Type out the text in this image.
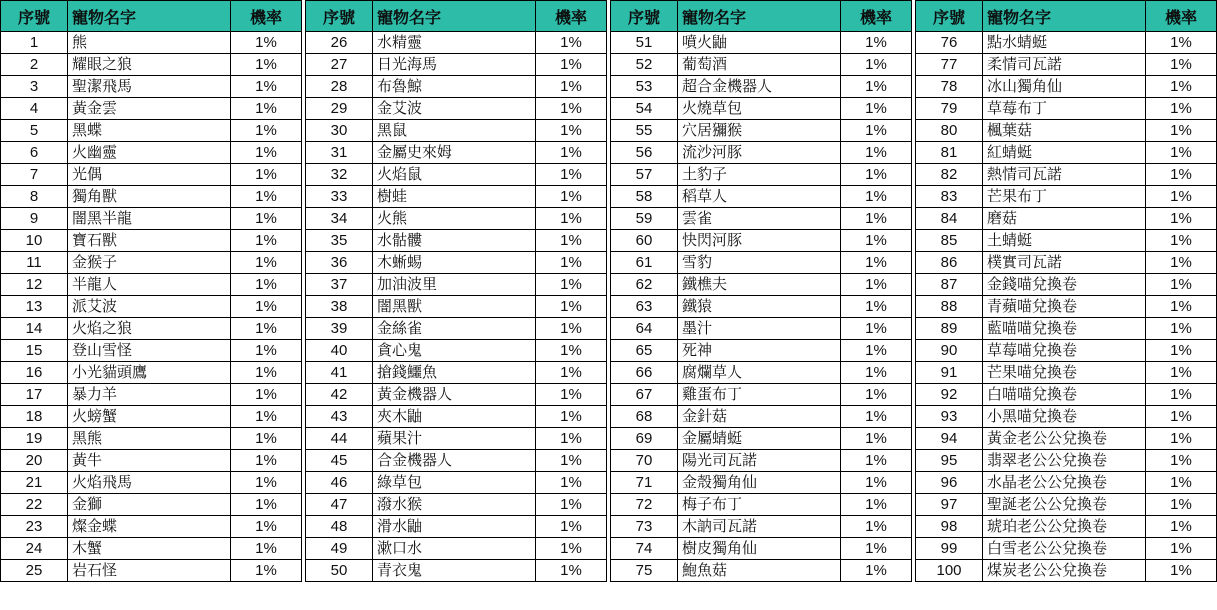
序號	寵物名字	機率
1	熊	1%
2	耀眼之狼	1%
3	聖潔飛馬	1%
4	黃金雲	1%
5	黑蝶	1%
6	火幽靈	1%
7	光偶	1%
8	獨角獸	1%
9	闇黑半龍	1%
10	寶石獸	1%
11	金猴子	1%
12	半龍人	1%
13	派艾波	1%
14	火焰之狼	1%
15	登山雪怪	1%
16	小光貓頭鷹	1%
17	暴力羊	1%
18	火螃蟹	1%
19	黑熊	1%
20	黃牛	1%
21	火焰飛馬	1%
22	金獅	1%
23	燦金蝶	1%
24	木蟹	1%
25	岩石怪	1%
序號	寵物名字	機率
26	水精靈	1%
27	日光海馬	1%
28	布魯鯨	1%
29	金艾波	1%
30	黑鼠	1%
31	金屬史來姆	1%
32	火焰鼠	1%
33	樹蛙	1%
34	火熊	1%
35	水骷髏	1%
36	木蜥蜴	1%
37	加油波里	1%
38	闇黑獸	1%
39	金絲雀	1%
40	貪心鬼	1%
41	搶錢鱷魚	1%
42	黃金機器人	1%
43	夾木鼬	1%
44	蘋果汁	1%
45	合金機器人	1%
46	綠草包	1%
47	潑水猴	1%
48	滑水鼬	1%
49	漱口水	1%
50	青衣鬼	1%
序號	寵物名字	機率
51	噴火鼬	1%
52	葡萄酒	1%
53	超合金機器人	1%
54	火燒草包	1%
55	穴居獼猴	1%
56	流沙河豚	1%
57	土豹子	1%
58	稻草人	1%
59	雲雀	1%
60	快閃河豚	1%
61	雪豹	1%
62	鐵樵夫	1%
63	鐵猿	1%
64	墨汁	1%
65	死神	1%
66	腐爛草人	1%
67	雞蛋布丁	1%
68	金針菇	1%
69	金屬蜻蜓	1%
70	陽光司瓦諾	1%
71	金殼獨角仙	1%
72	梅子布丁	1%
73	木訥司瓦諾	1%
74	樹皮獨角仙	1%
75	鮑魚菇	1%
序號	寵物名字	機率
76	點水蜻蜓	1%
77	柔情司瓦諾	1%
78	冰山獨角仙	1%
79	草莓布丁	1%
80	楓葉菇	1%
81	紅蜻蜓	1%
82	熱情司瓦諾	1%
83	芒果布丁	1%
84	磨菇	1%
85	土蜻蜓	1%
86	樸實司瓦諾	1%
87	金錢喵兌換卷	1%
88	青蘋喵兌換卷	1%
89	藍喵喵兌換卷	1%
90	草莓喵兌換卷	1%
91	芒果喵兌換卷	1%
92	白喵喵兌換卷	1%
93	小黑喵兌換卷	1%
94	黃金老公公兌換卷	1%
95	翡翠老公公兌換卷	1%
96	水晶老公公兌換卷	1%
97	聖誕老公公兌換卷	1%
98	琥珀老公公兌換卷	1%
99	白雪老公公兌換卷	1%
100	煤炭老公公兌換卷	1%
